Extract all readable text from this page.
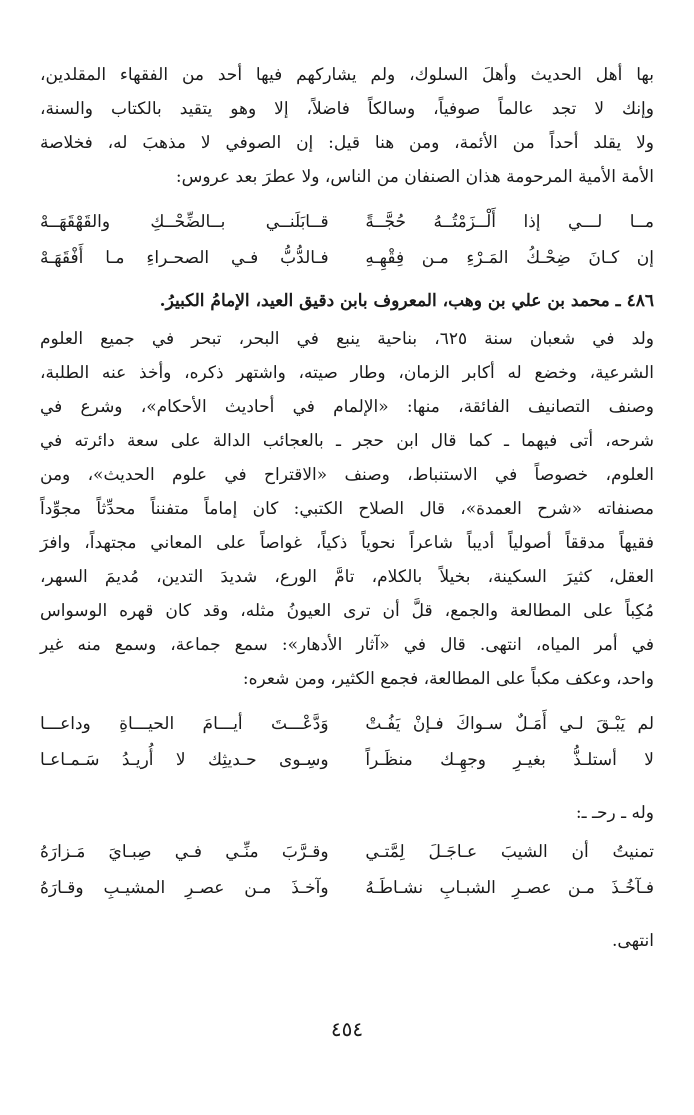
بها أهل الحديث وأهلَ السلوك، ولم يشاركهم فيها أحد من الفقهاء المقلدين،
وإنك لا تجد عالماً صوفياً، وسالكاً فاضلاً، إلا وهو يتقيد بالكتاب والسنة،
ولا يقلد أحداً من الأئمة، ومن هنا قيل: إن الصوفي لا مذهبَ له، فخلاصة
الأمة الأمية المرحومة هذان الصنفان من الناس، ولا عطرَ بعد عروس:

مــا لـــي إذا أَلْــزَمْتُــهُ حُجَّــةً
قــابَلَنــي بــالضِّحْــكِ والقَهْقَهَــهْ
إن كـانَ ضِحْـكُ المَـرْءِ مـن فِقْهِـهِ
فـالدُّبُّ فـي الصحـراءِ مـا أَفْقَهَـهْ
٤٨٦ ـ محمد بن علي بن وهب، المعروف بابن دقيق العيد، الإمامُ الكبيرُ.

ولد في شعبان سنة ٦٢٥، بناحية ينبع في البحر، تبحر في جميع العلوم
الشرعية، وخضع له أكابر الزمان، وطار صيته، واشتهر ذكره، وأخذ عنه الطلبة،
وصنف التصانيف الفائقة، منها: «الإلمام في أحاديث الأحكام»، وشرع في
شرحه، أتى فيهما ـ كما قال ابن حجر ـ بالعجائب الدالة على سعة دائرته في
العلوم، خصوصاً في الاستنباط، وصنف «الاقتراح في علوم الحديث»، ومن
مصنفاته «شرح العمدة»، قال الصلاح الكتبي: كان إماماً متفنناً محدِّثاً مجوِّداً
فقيهاً مدققاً أصولياً أديباً شاعراً نحوياً ذكياً، غواصاً على المعاني مجتهداً، وافرَ
العقل، كثيرَ السكينة، بخيلاً بالكلام، تامَّ الورع، شديدَ التدين، مُديمَ السهر،
مُكِباً على المطالعة والجمع، قلَّ أن ترى العيونُ مثله، وقد كان قهره الوسواس
في أمر المياه، انتهى. قال في «آثار الأدهار»: سمع جماعة، وسمع منه غير
واحد، وعكف مكباً على المطالعة، فجمع الكثير، ومن شعره:

لم يَبْـقَ لـي أَمَـلٌ سـواكَ فـإنْ يَفُـتْ
وَدَّعْـــتَ أيـــامَ الحيـــاةِ وداعـــا
لا أستلـذُّ بغيـرِ وجهِـك منظَـراً
وسِـوى حـديثِك لا أُريـدُ سَـمـاعـا

وله ـ رحـ ـ:

تمنيتُ أن الشيبَ عـاجَـلَ لِمَّتـي
وقـرَّبَ منِّـي فـي صِبـايَ مَـزارَهُ
فـآخُـذَ مـن عصـرِ الشبـابِ نشـاطَـهُ
وآخـذَ مـن عصـرِ المشيـبِ وقـارَهُ

انتهى.

٤٥٤
